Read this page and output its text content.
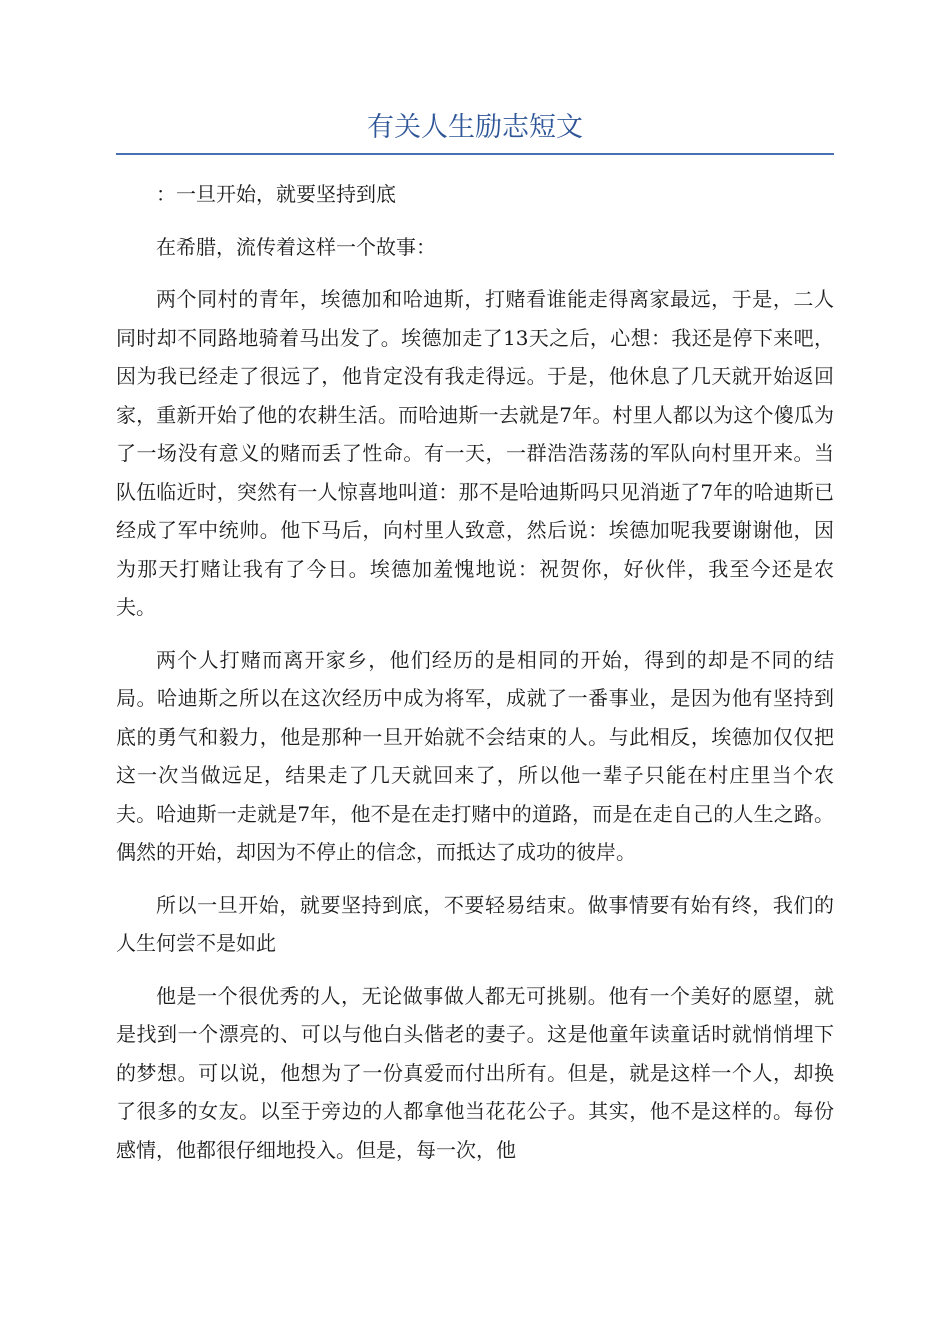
有关人生励志短文

：一旦开始，就要坚持到底

在希腊，流传着这样一个故事：

两个同村的青年，埃德加和哈迪斯，打赌看谁能走得离家最远，于是，二人同时却不同路地骑着马出发了。埃德加走了13天之后，心想：我还是停下来吧，因为我已经走了很远了，他肯定没有我走得远。于是，他休息了几天就开始返回家，重新开始了他的农耕生活。而哈迪斯一去就是7年。村里人都以为这个傻瓜为了一场没有意义的赌而丢了性命。有一天，一群浩浩荡荡的军队向村里开来。当队伍临近时，突然有一人惊喜地叫道：那不是哈迪斯吗只见消逝了7年的哈迪斯已经成了军中统帅。他下马后，向村里人致意，然后说：埃德加呢我要谢谢他，因为那天打赌让我有了今日。埃德加羞愧地说：祝贺你，好伙伴，我至今还是农夫。

两个人打赌而离开家乡，他们经历的是相同的开始，得到的却是不同的结局。哈迪斯之所以在这次经历中成为将军，成就了一番事业，是因为他有坚持到底的勇气和毅力，他是那种一旦开始就不会结束的人。与此相反，埃德加仅仅把这一次当做远足，结果走了几天就回来了，所以他一辈子只能在村庄里当个农夫。哈迪斯一走就是7年，他不是在走打赌中的道路，而是在走自己的人生之路。偶然的开始，却因为不停止的信念，而抵达了成功的彼岸。

所以一旦开始，就要坚持到底，不要轻易结束。做事情要有始有终，我们的人生何尝不是如此

他是一个很优秀的人，无论做事做人都无可挑剔。他有一个美好的愿望，就是找到一个漂亮的、可以与他白头偕老的妻子。这是他童年读童话时就悄悄埋下的梦想。可以说，他想为了一份真爱而付出所有。但是，就是这样一个人，却换了很多的女友。以至于旁边的人都拿他当花花公子。其实，他不是这样的。每份感情，他都很仔细地投入。但是，每一次，他
